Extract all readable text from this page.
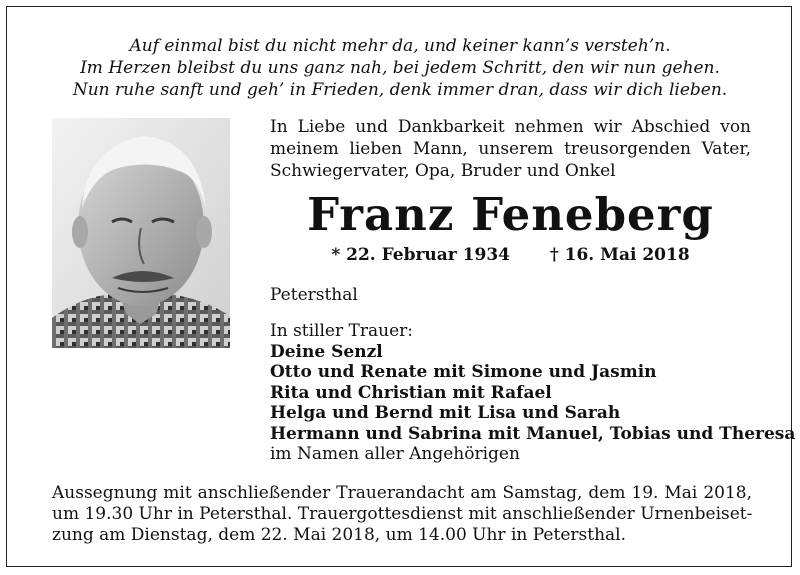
Auf einmal bist du nicht mehr da, und keiner kann’s versteh’n.
Im Herzen bleibst du uns ganz nah, bei jedem Schritt, den wir nun gehen.
Nun ruhe sanft und geh’ in Frieden, denk immer dran, dass wir dich lieben.
In Liebe und Dankbarkeit nehmen wir Abschied von
meinem lieben Mann, unserem treusorgenden Vater,
Schwiegervater, Opa, Bruder und Onkel
Franz Feneberg
* 22. Februar 1934 † 16. Mai 2018
Petersthal
In stiller Trauer:
Deine Senzl
Otto und Renate mit Simone und Jasmin
Rita und Christian mit Rafael
Helga und Bernd mit Lisa und Sarah
Hermann und Sabrina mit Manuel, Tobias und Theresa
im Namen aller Angehörigen
Aussegnung mit anschließender Trauerandacht am Samstag, dem 19. Mai 2018,
um 19.30 Uhr in Petersthal. Trauergottesdienst mit anschließender Urnenbeiset-
zung am Dienstag, dem 22. Mai 2018, um 14.00 Uhr in Petersthal.
